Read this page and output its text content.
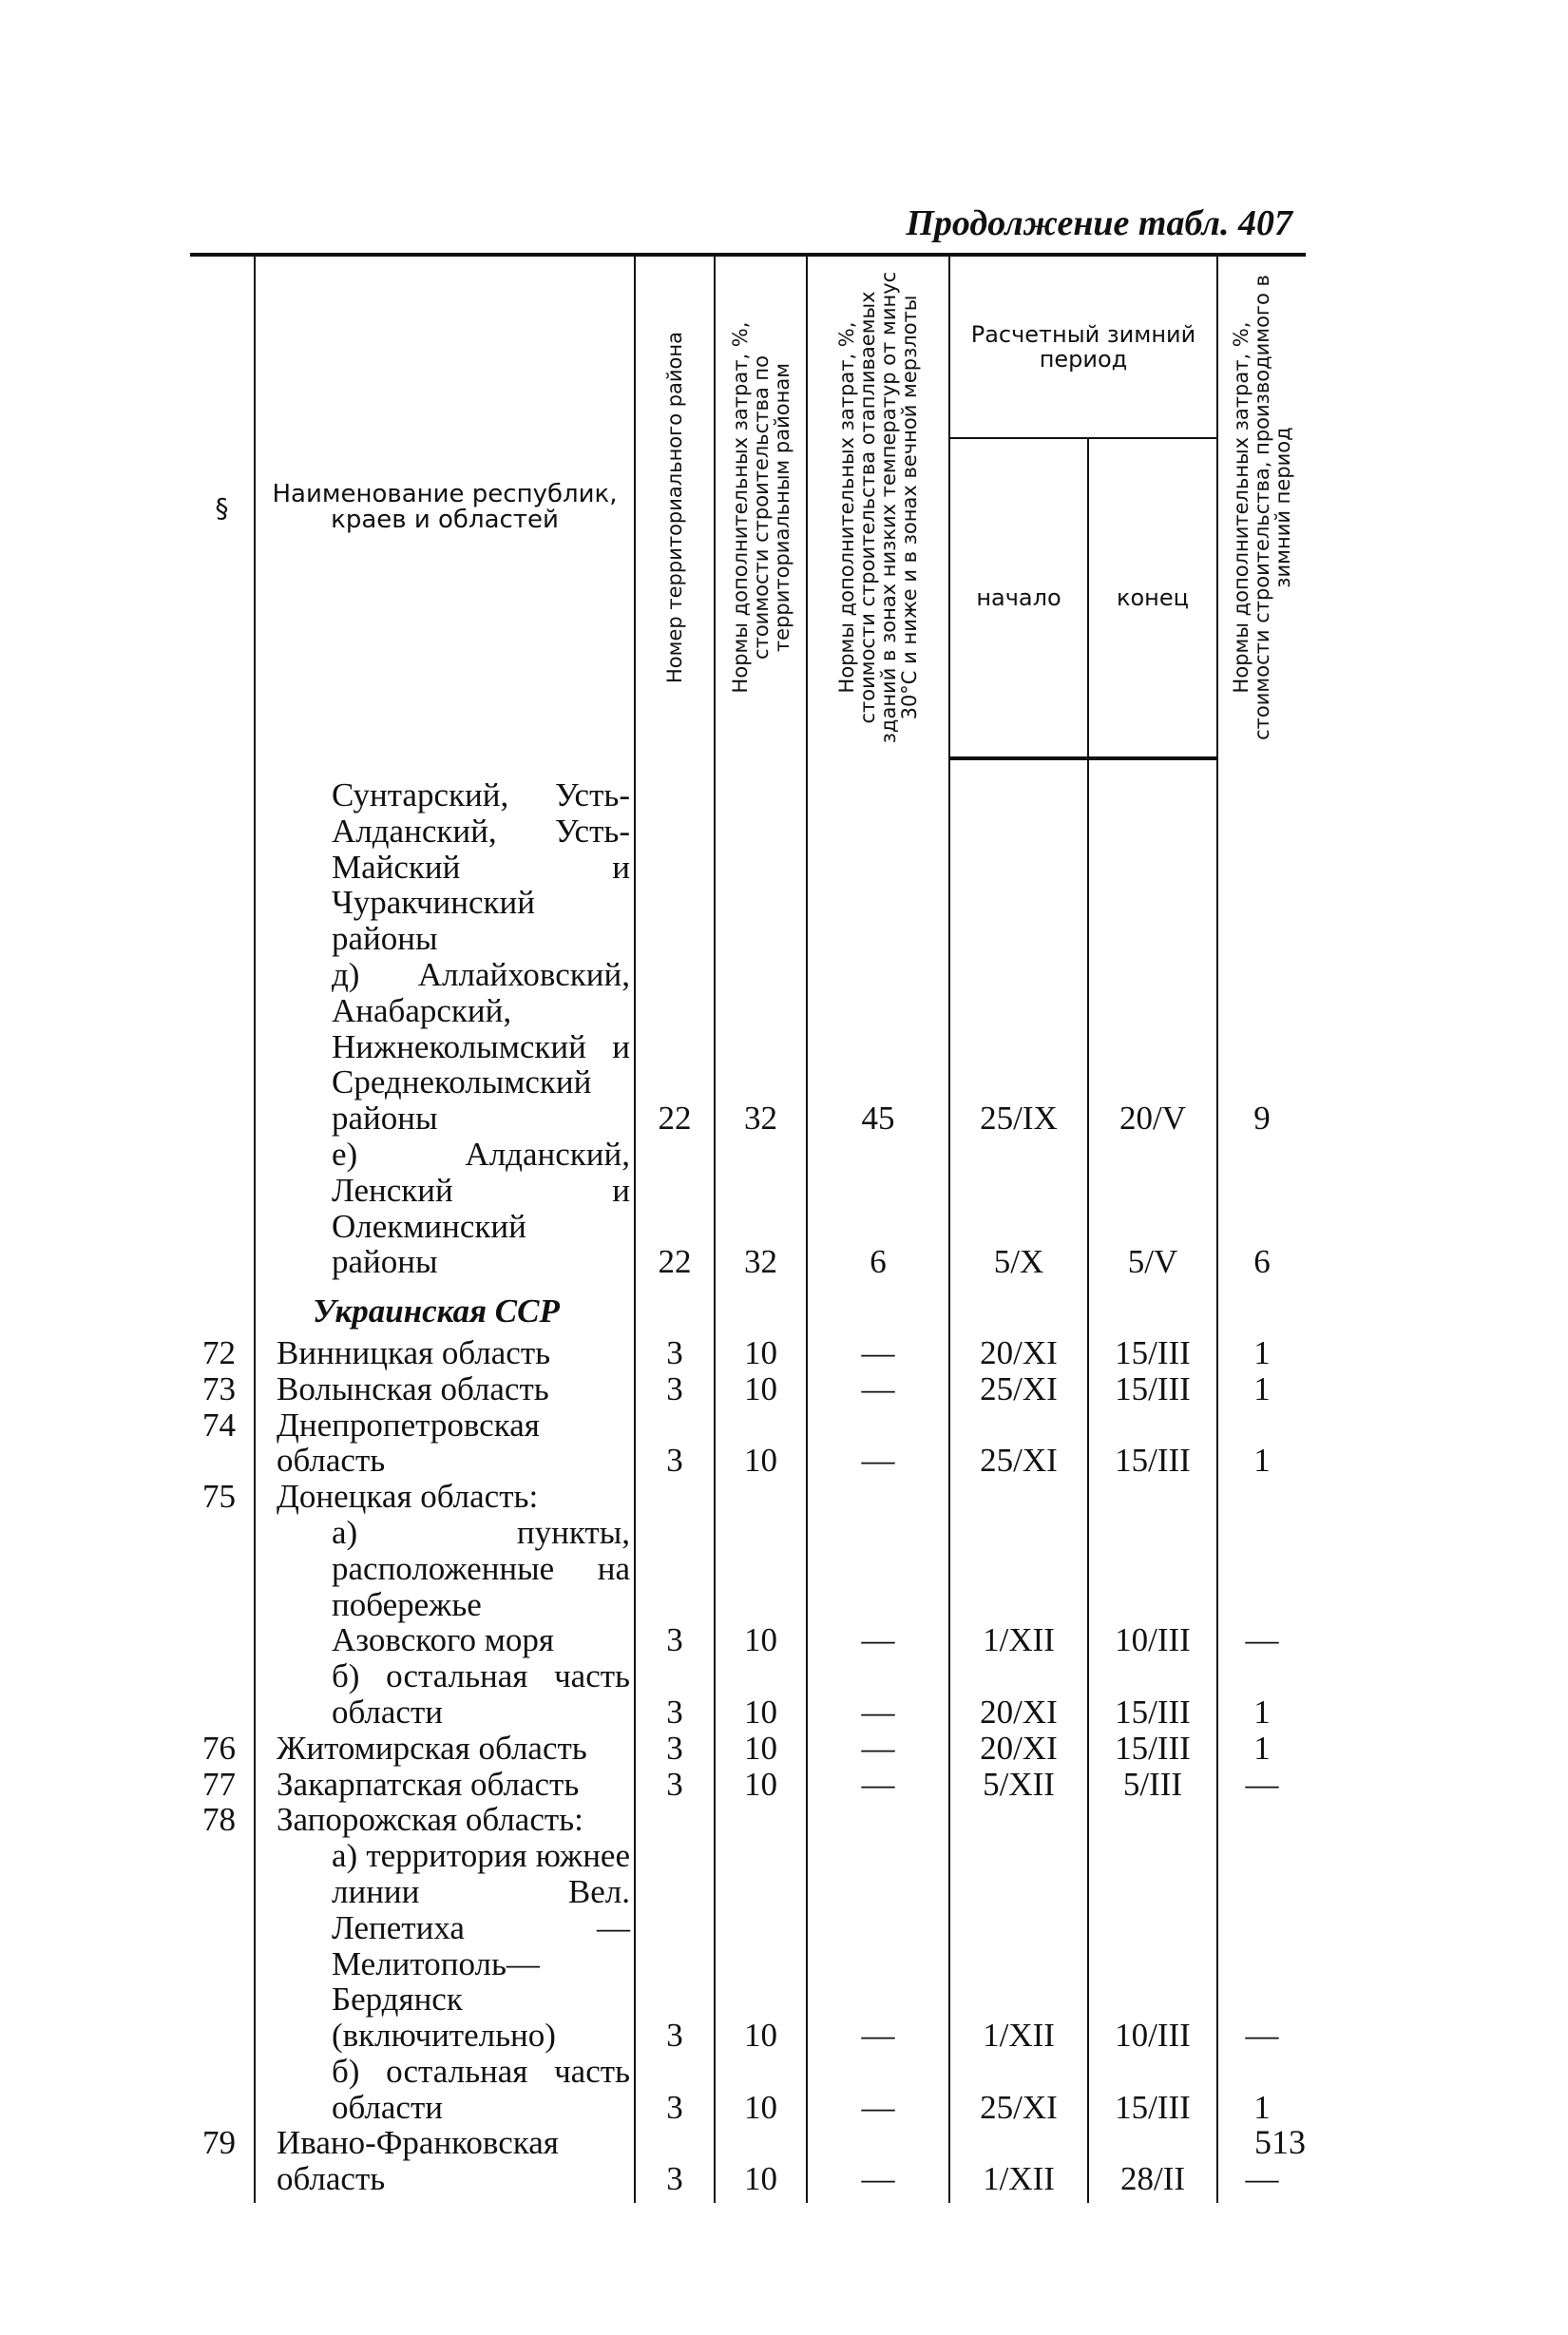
Продолжение табл. 407
§	Наименование республик, краев и областей	Номер территориального района	Нормы дополнительных затрат, %, стоимости строительства по территориальным районам	Нормы дополнительных затрат, %, стоимости строительства отапливаемых зданий в зонах низких температур от минус 30°С и ниже и в зонах вечной мерзлоты	Расчетный зимний период		Нормы дополнительных затрат, %, стоимости строительства, производимого в зимний период

					начало	конец	
	Сунтарский, Усть-Алданский, Усть-Майский и Чуракчинский районы						
	д) Аллайховский, Анабарский, Нижнеколымский и Среднеколымский районы	22	32	45	25/IX	20/V	9
	е) Алданский, Ленский и Олекминский районы	22	32	6	5/X	5/V	6
	Украинская ССР						
72	Винницкая область	3	10	—	20/XI	15/III	1
73	Волынская область	3	10	—	25/XI	15/III	1
74	Днепропетровская область	3	10	—	25/XI	15/III	1
75	Донецкая область:						
	а) пункты, расположенные на побережье Азовского моря	3	10	—	1/XII	10/III	—
	б) остальная часть области	3	10	—	20/XI	15/III	1
76	Житомирская область	3	10	—	20/XI	15/III	1
77	Закарпатская область	3	10	—	5/XII	5/III	—
78	Запорожская область:						
	а) территория южнее линии Вел. Лепетиха — Мелитополь—Бердянск (включительно)	3	10	—	1/XII	10/III	—
	б) остальная часть области	3	10	—	25/XI	15/III	1
79	Ивано-Франковская область	3	10	—	1/XII	28/II	—
513
